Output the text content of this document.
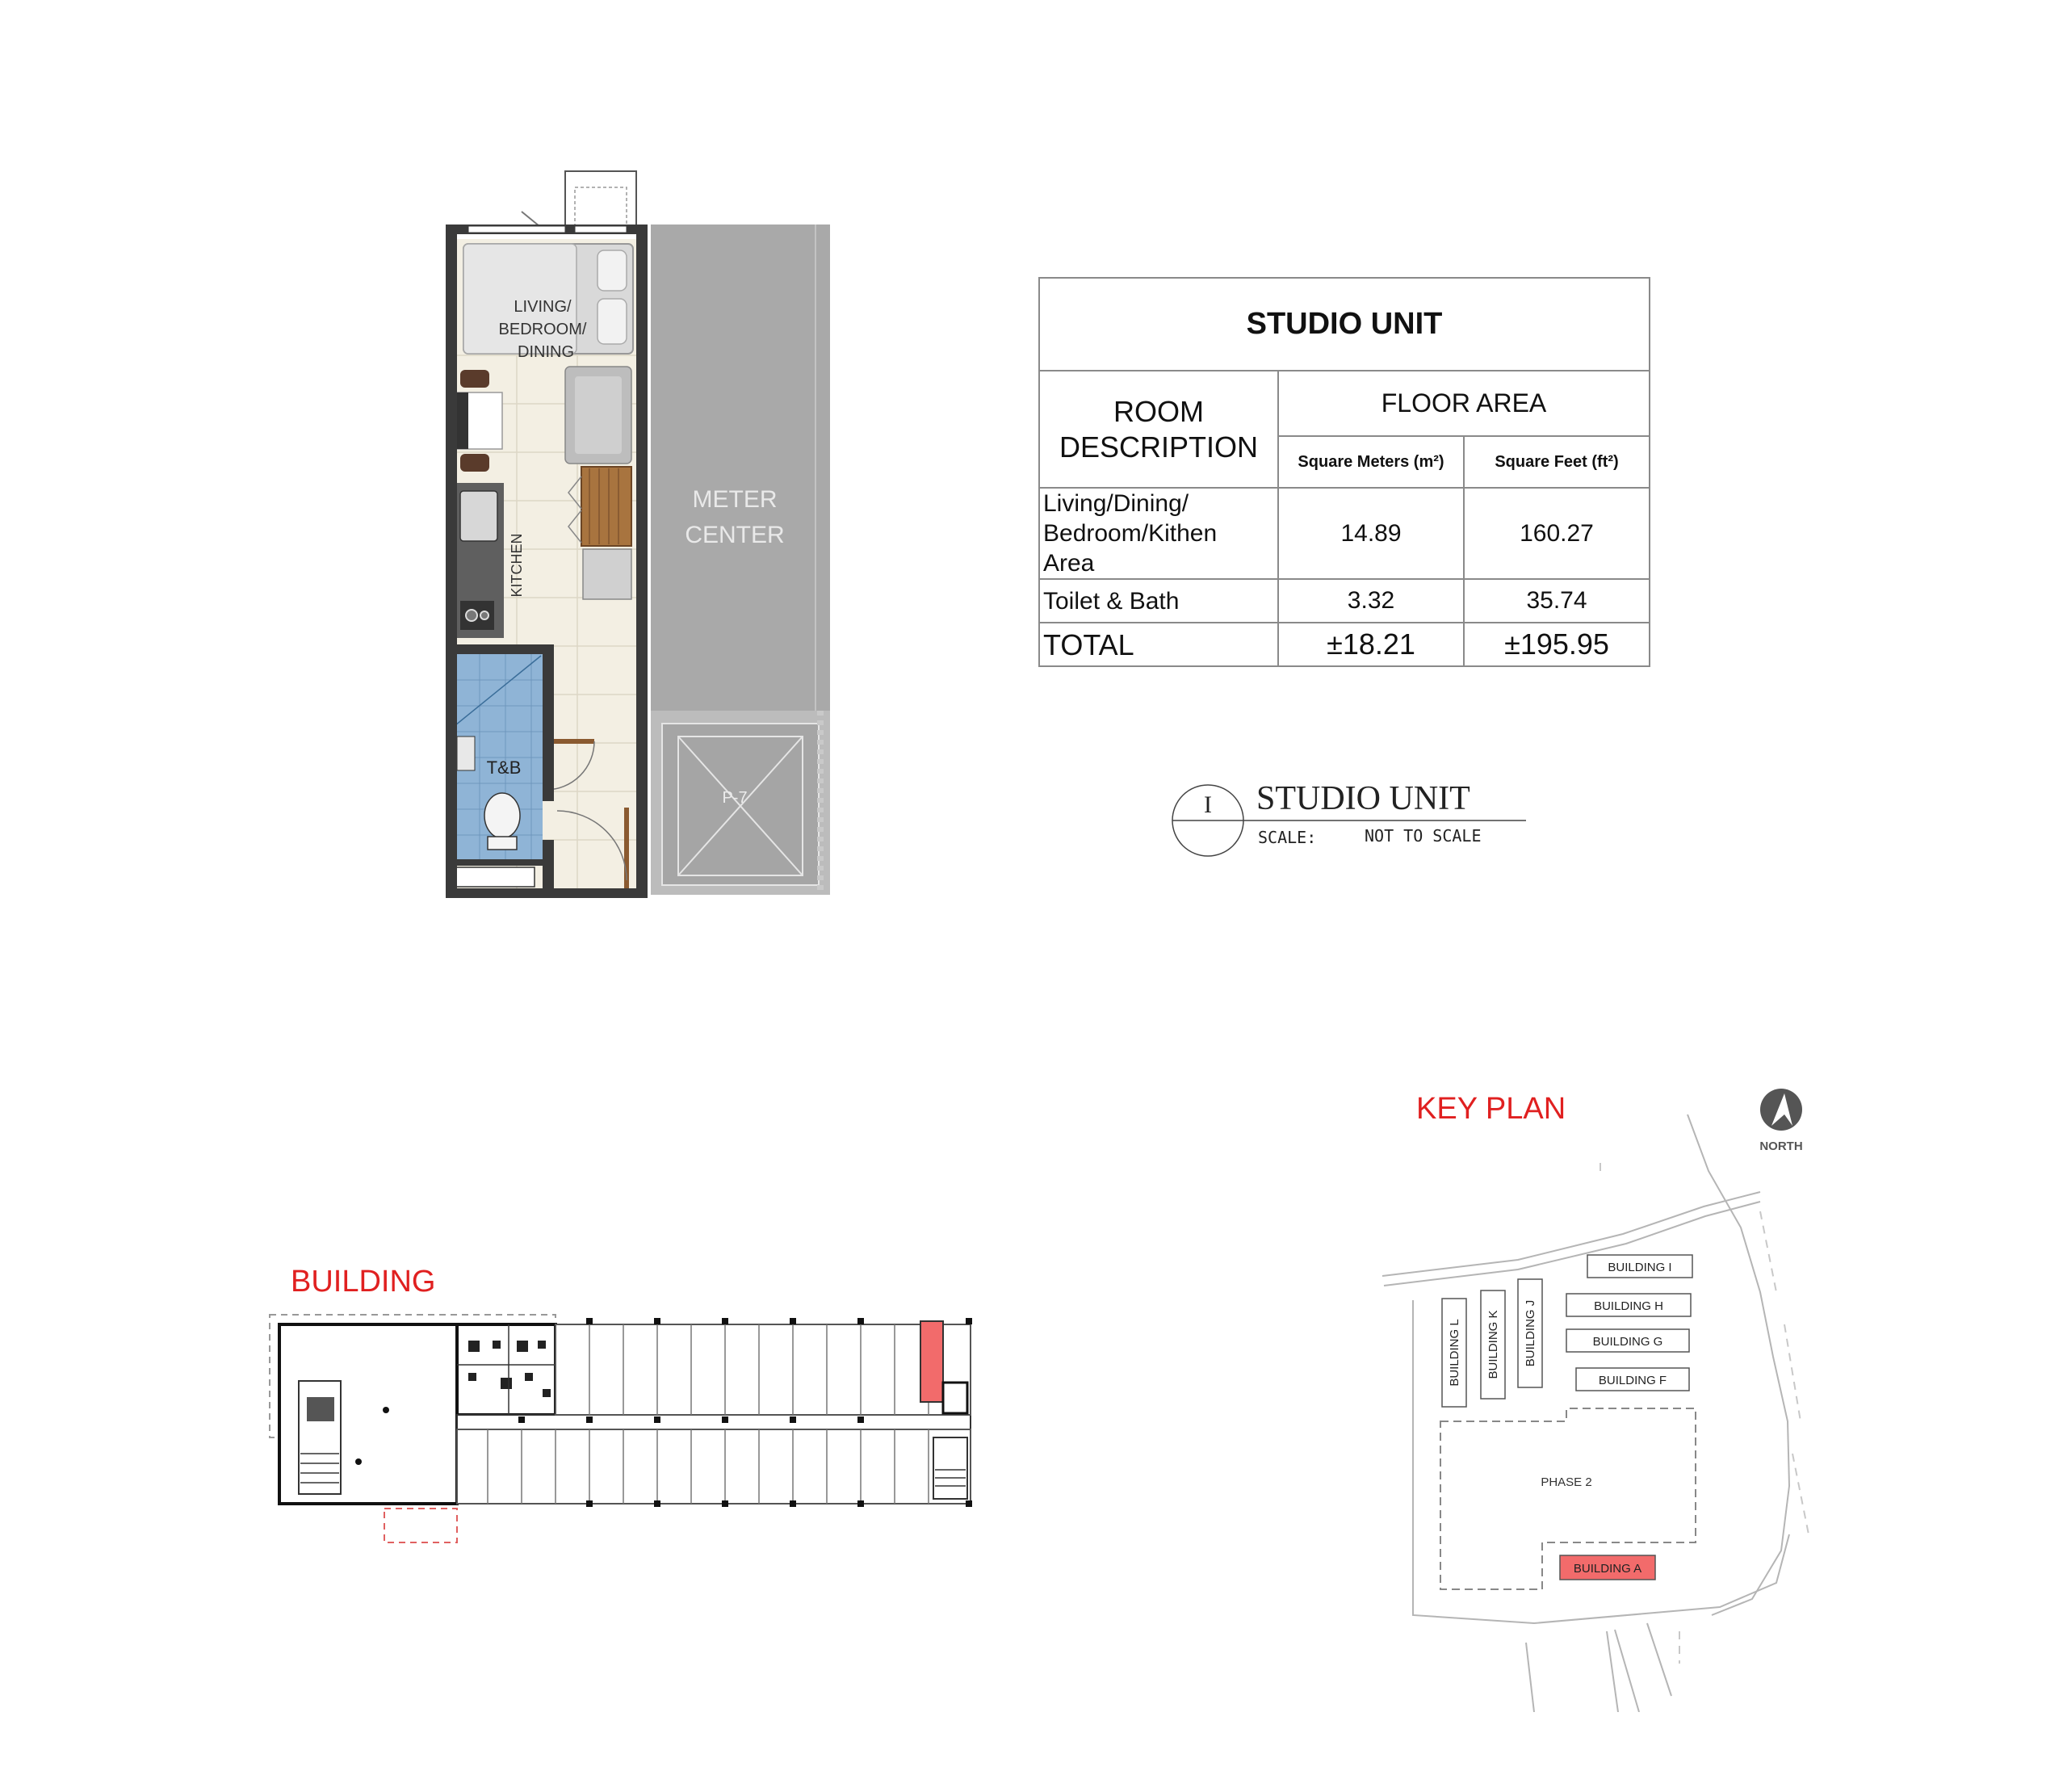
LIVING/
BEDROOM/
DINING
KITCHEN
T&B
METER
CENTER
P-7
STUDIO UNIT		

ROOM
DESCRIPTION	FLOOR AREA	
	Square Meters (m²)	Square Feet (ft²)

Living/Dining/
Bedroom/Kithen
Area	14.89	160.27
Toilet & Bath	3.32	35.74
TOTAL	±18.21	±195.95
I STUDIO UNIT
SCALE:	NOT TO SCALE
BUILDING
KEY PLAN
NORTH
BUILDING I
BUILDING H
BUILDING G
BUILDING F
BUILDING L BUILDING K BUILDING J
PHASE 2
BUILDING A
